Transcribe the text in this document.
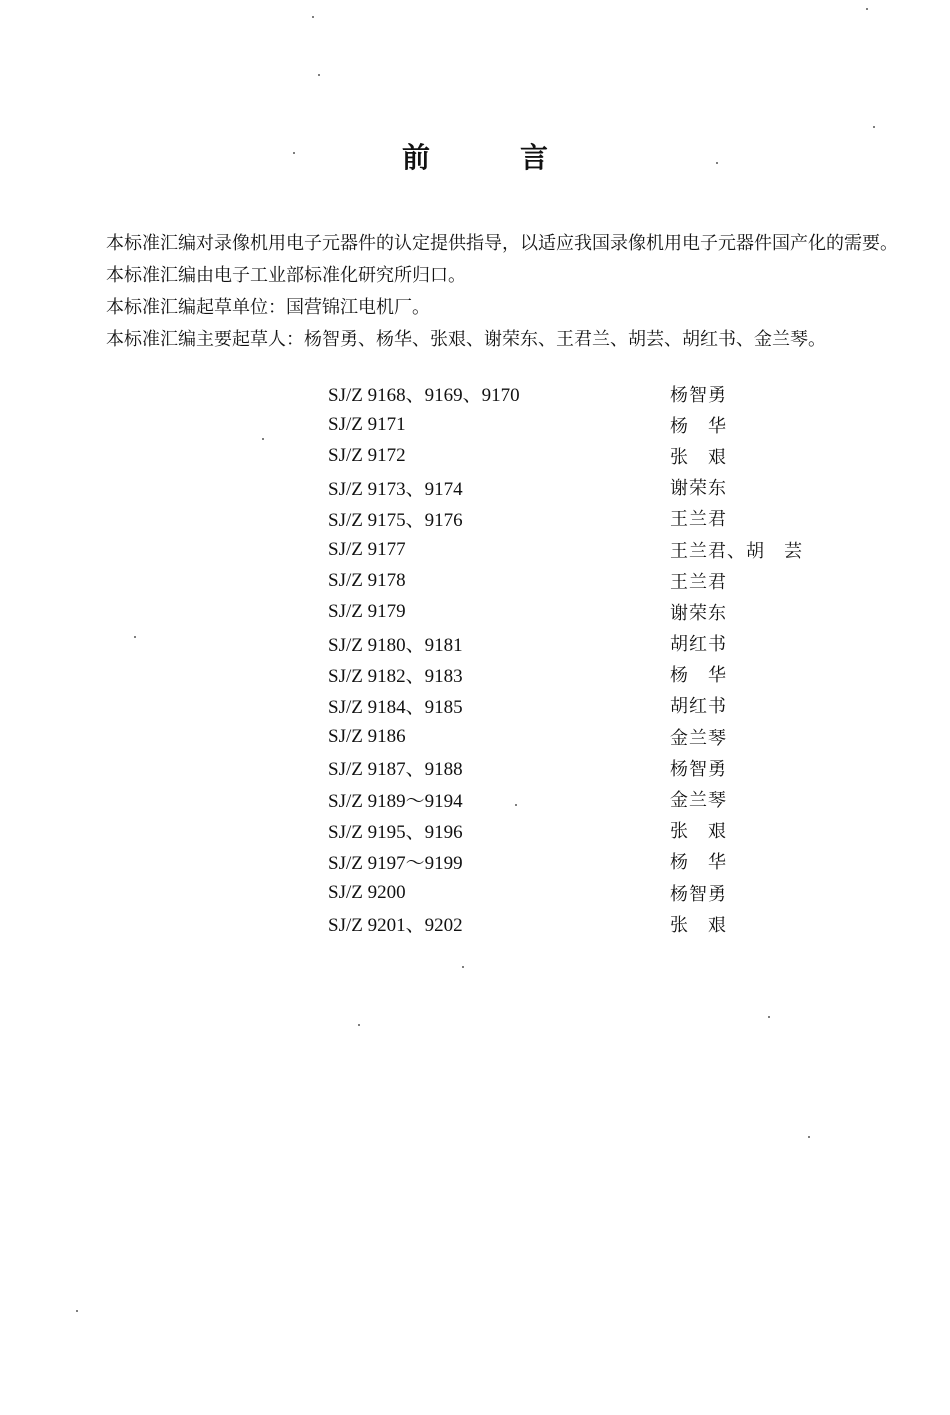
前	言

本标准汇编对录像机用电子元器件的认定提供指导，以适应我国录像机用电子元器件国产化的需要。

本标准汇编由电子工业部标准化研究所归口。

本标准汇编起草单位：国营锦江电机厂。

本标准汇编主要起草人：杨智勇、杨华、张艰、谢荣东、王君兰、胡芸、胡红书、金兰琴。

SJ/Z 9168、9169、9170	杨智勇
SJ/Z 9171	杨　华
SJ/Z 9172	张　艰
SJ/Z 9173、9174	谢荣东
SJ/Z 9175、9176	王兰君
SJ/Z 9177	王兰君、胡　芸
SJ/Z 9178	王兰君
SJ/Z 9179	谢荣东
SJ/Z 9180、9181	胡红书
SJ/Z 9182、9183	杨　华
SJ/Z 9184、9185	胡红书
SJ/Z 9186	金兰琴
SJ/Z 9187、9188	杨智勇
SJ/Z 9189～9194	金兰琴
SJ/Z 9195、9196	张　艰
SJ/Z 9197～9199	杨　华
SJ/Z 9200	杨智勇
SJ/Z 9201、9202	张　艰
